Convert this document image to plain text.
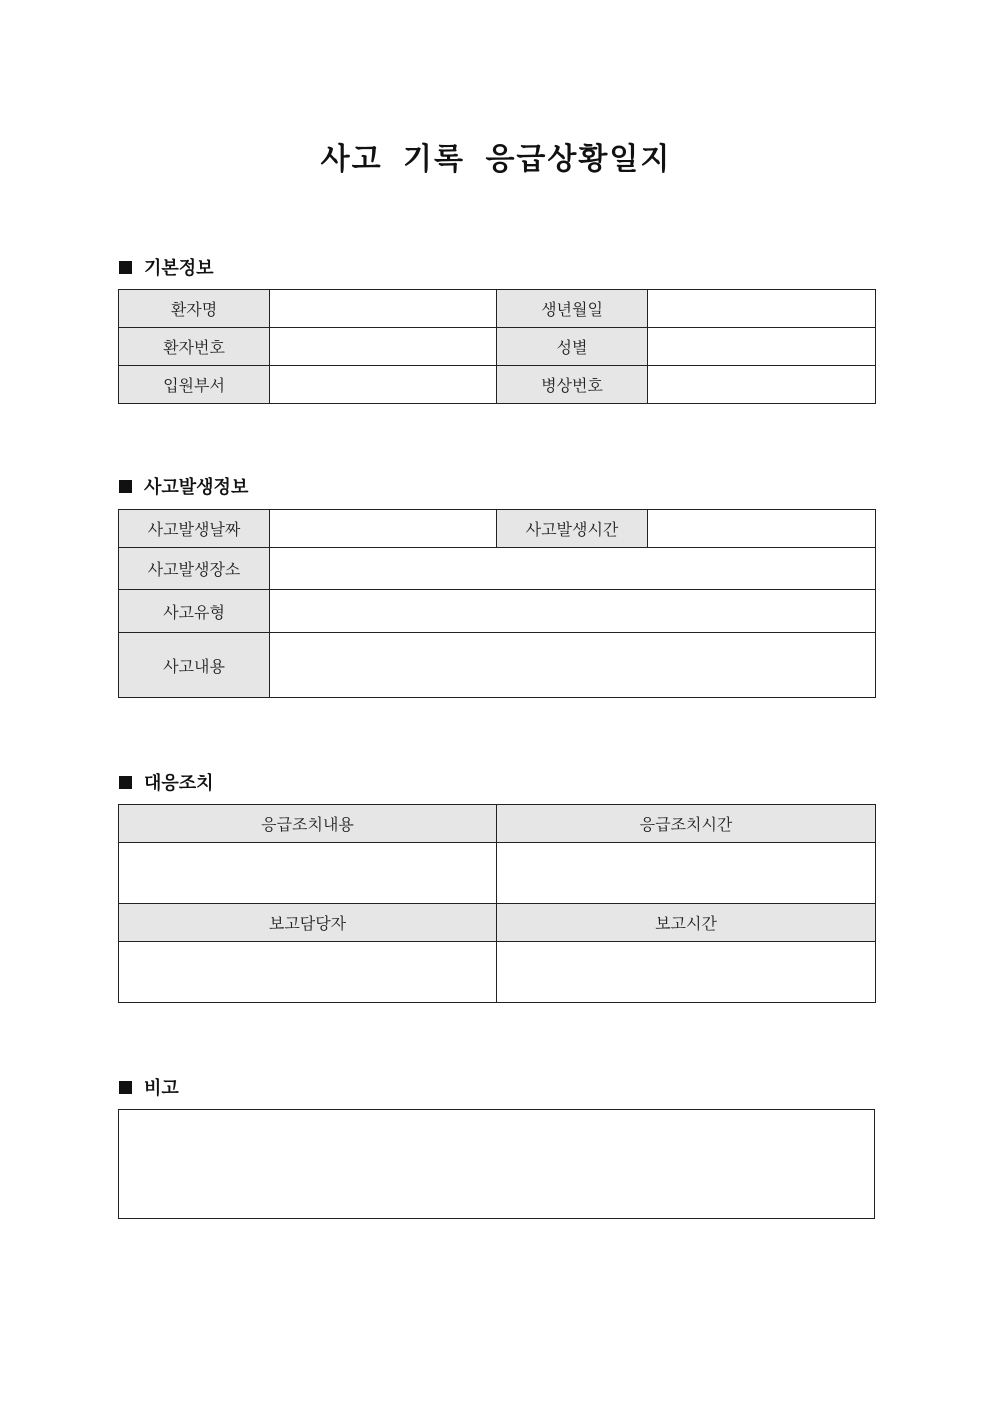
사고 기록 응급상황일지
기본정보
환자명		생년월일	
환자번호		성별	
입원부서		병상번호	
사고발생정보
사고발생날짜		사고발생시간	
사고발생장소			
사고유형			
사고내용			
대응조치
응급조치내용	응급조치시간

보고담당자	보고시간

비고
